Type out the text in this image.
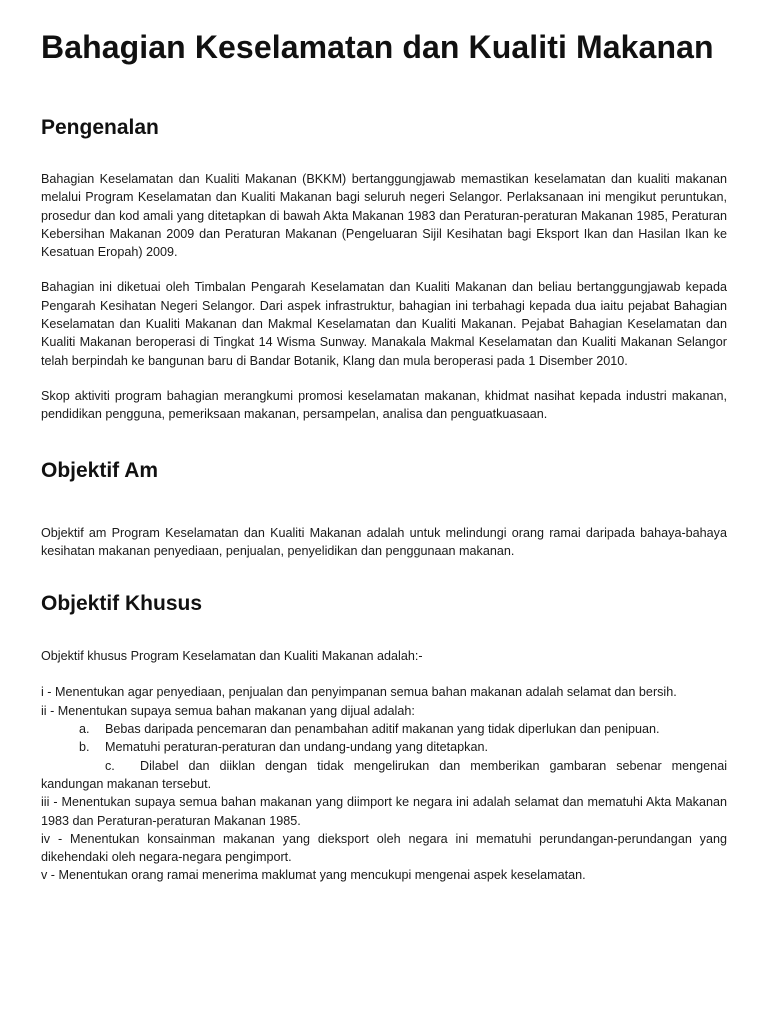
Bahagian Keselamatan dan Kualiti Makanan
Pengenalan

Bahagian Keselamatan dan Kualiti Makanan (BKKM) bertanggungjawab memastikan keselamatan dan kualiti makanan melalui Program Keselamatan dan Kualiti Makanan bagi seluruh negeri Selangor. Perlaksanaan ini mengikut peruntukan, prosedur dan kod amali yang ditetapkan di bawah Akta Makanan 1983 dan Peraturan-peraturan Makanan 1985, Peraturan Kebersihan Makanan 2009 dan Peraturan Makanan (Pengeluaran Sijil Kesihatan bagi Eksport Ikan dan Hasilan Ikan ke Kesatuan Eropah) 2009.

Bahagian ini diketuai oleh Timbalan Pengarah Keselamatan dan Kualiti Makanan dan beliau bertanggungjawab kepada Pengarah Kesihatan Negeri Selangor. Dari aspek infrastruktur, bahagian ini terbahagi kepada dua iaitu pejabat Bahagian Keselamatan dan Kualiti Makanan dan Makmal Keselamatan dan Kualiti Makanan. Pejabat Bahagian Keselamatan dan Kualiti Makanan beroperasi di Tingkat 14 Wisma Sunway. Manakala Makmal Keselamatan dan Kualiti Makanan Selangor telah berpindah ke bangunan baru di Bandar Botanik, Klang dan mula beroperasi pada 1 Disember 2010.

Skop aktiviti program bahagian merangkumi promosi keselamatan makanan, khidmat nasihat kepada industri makanan, pendidikan pengguna, pemeriksaan makanan, persampelan, analisa dan penguatkuasaan.

Objektif Am

Objektif am Program Keselamatan dan Kualiti Makanan adalah untuk melindungi orang ramai daripada bahaya-bahaya kesihatan makanan penyediaan, penjualan, penyelidikan dan penggunaan makanan.

Objektif Khusus

Objektif khusus Program Keselamatan dan Kualiti Makanan adalah:-

i - Menentukan agar penyediaan, penjualan dan penyimpanan semua bahan makanan adalah selamat dan bersih.

ii - Menentukan supaya semua bahan makanan yang dijual adalah:

a. Bebas daripada pencemaran dan penambahan aditif makanan yang tidak diperlukan dan penipuan.

b. Mematuhi peraturan-peraturan dan undang-undang yang ditetapkan.

c. Dilabel dan diiklan dengan tidak mengelirukan dan memberikan gambaran sebenar mengenai

kandungan makanan tersebut.

iii - Menentukan supaya semua bahan makanan yang diimport ke negara ini adalah selamat dan mematuhi Akta Makanan 1983 dan Peraturan-peraturan Makanan 1985.

iv - Menentukan konsainman makanan yang dieksport oleh negara ini mematuhi perundangan-perundangan yang dikehendaki oleh negara-negara pengimport.

v - Menentukan orang ramai menerima maklumat yang mencukupi mengenai aspek keselamatan.
